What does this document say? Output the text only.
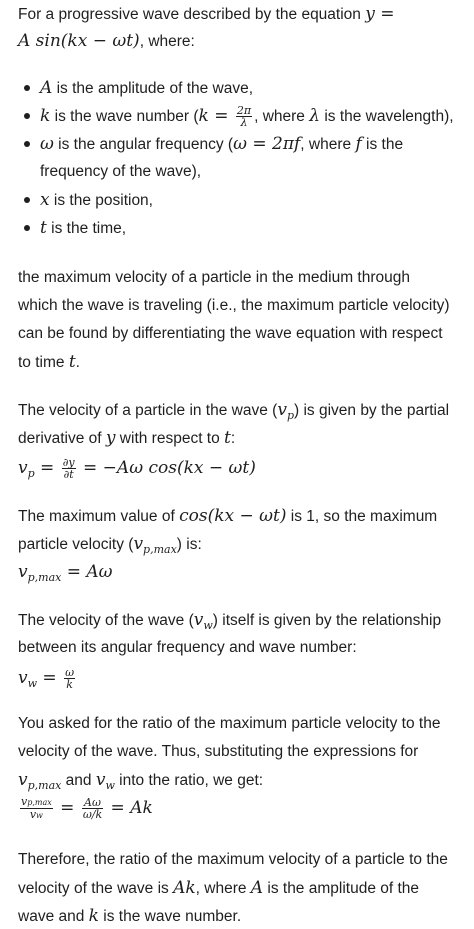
For a progressive wave described by the equation y =
A sin(kx − ωt), where:
A is the amplitude of the wave,
k is the wave number ($k = \frac{2\pi}{\lambda}$ , where λ is the wavelength),
ω is the angular frequency (ω = 2πf, where f is the
frequency of the wave),
x is the position,
t is the time,
the maximum velocity of a particle in the medium through
which the wave is traveling (i.e., the maximum particle velocity)
can be found by differentiating the wave equation with respect
to time t.
The velocity of a particle in the wave $(v_p)$ is given by the partial
derivative of y with respect to t:
$v_p = \frac{\partial y}{\partial t} = -A\omega$ cos(kx − ωt)
The maximum value of cos(kx − ωt) is 1, so the maximum
particle velocity $(v_{p,max})$ is:
$v_{p,max} = A\omega$
The velocity of the wave $(v_w)$ itself is given by the relationship
between its angular frequency and wave number:
$v_w = \frac{\omega}{k}$
You asked for the ratio of the maximum particle velocity to the
velocity of the wave. Thus, substituting the expressions for
$v_{p,max}$ and $v_w$ into the ratio, we get:
$\frac{vp,\max}{vw} = \frac{A\omega}{\omega/k} = Ak$
Therefore, the ratio of the maximum velocity of a particle to the
velocity of the wave is Ak, where A is the amplitude of the
wave and k is the wave number.
